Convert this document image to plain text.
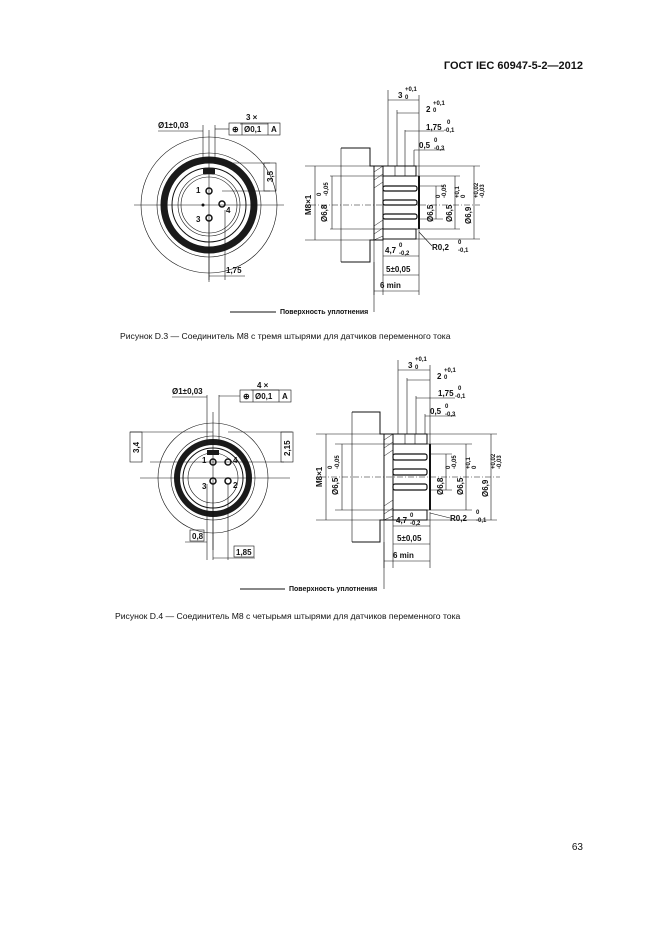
ГОСТ IEC 60947-5-2—2012
1
3
4
Ø1±0,03
3 ×
⊕ Ø0,1 A
3,5
1,75
3
+0,1
0
2
+0,1
0
1,75 0
-0,1
0,5 0
-0,3
M8×1 Ø6,8
0 -0,05
Ø6,5
0 -0,05
Ø6,5
+0,1 0
Ø6,9
+0,02 -0,03
4,7 0
-0,2
5±0,05
6 min
R0,2 0
-0,1
Поверхность уплотнения
Рисунок D.3 — Соединитель М8 с тремя штырями для датчиков переменного тока
1
2
3
4
Ø1±0,03
4 ×
⊕ Ø0,1 A
3,4	2,15
0,8
1,85
3
+0,1
0
2
+0,1
0
1,75 0
-0,1
0,5 0
-0,3
M8×1 Ø6,5
0 -0,05
Ø6,8
0 -0,05
Ø6,5
+0,1 0
Ø6,9
+0,02 -0,03
4,7 0
-0,2
5±0,05
6 min
R0,2
0
-0,1
Поверхность уплотнения
Рисунок D.4 — Соединитель М8 с четырьмя штырями для датчиков переменного тока
63
